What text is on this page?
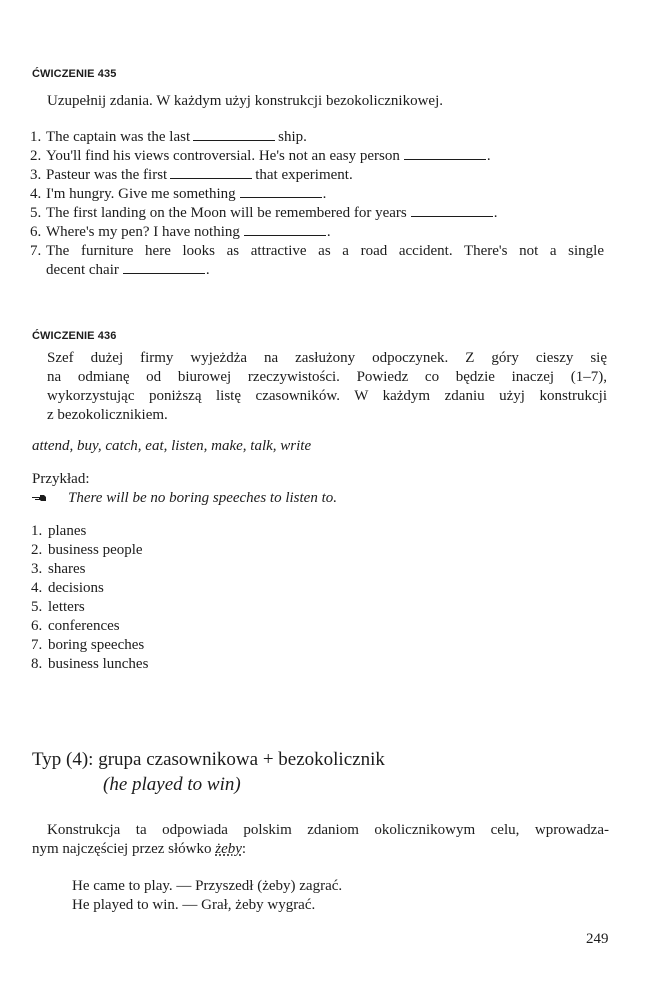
ĆWICZENIE 435
Uzupełnij zdania. W każdym użyj konstrukcji bezokolicznikowej.
1. The captain was the last	ship.
2. You'll find his views controversial. He's not an easy person	.
3. Pasteur was the first	that experiment.
4. I'm hungry. Give me something	.
5. The first landing on the Moon will be remembered for years	.
6. Where's my pen? I have nothing	.
7. The furniture here looks as attractive as a road accident. There's not a single
decent chair	.
ĆWICZENIE 436
Szef dużej firmy wyjeżdża na zasłużony odpoczynek. Z góry cieszy się
na odmianę od biurowej rzeczywistości. Powiedz co będzie inaczej (1–7),
wykorzystując poniższą listę czasowników. W każdym zdaniu użyj konstrukcji
z bezokolicznikiem.
attend, buy, catch, eat, listen, make, talk, write
Przykład:
There will be no boring speeches to listen to.
1. planes
2. business people
3. shares
4. decisions
5. letters
6. conferences
7. boring speeches
8. business lunches
Typ (4): grupa czasownikowa + bezokolicznik
(he played to win)
Konstrukcja ta odpowiada polskim zdaniom okolicznikowym celu, wprowadza-
nym najczęściej przez słówko żeby:
He came to play. — Przyszedł (żeby) zagrać.
He played to win. — Grał, żeby wygrać.
249
